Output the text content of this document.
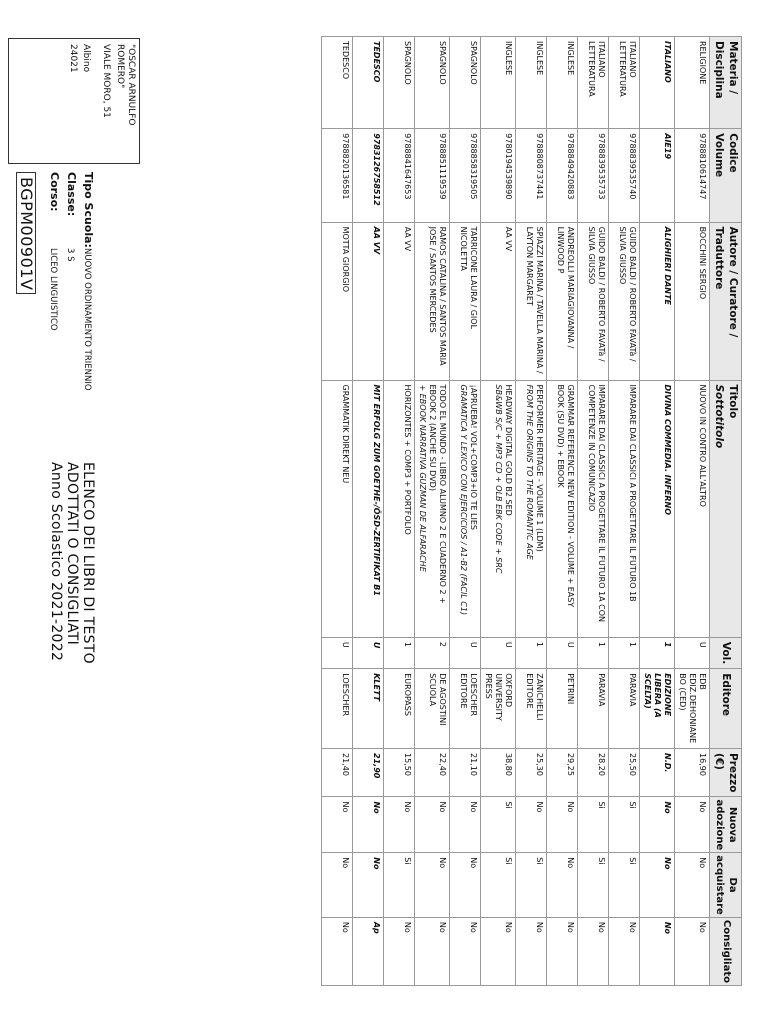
"OSCAR ARNULFO ROMERO"
VIALE MORO, 51
Albino
24021
BGPM00901V	Tipo Scuola:NUOVO ORDINAMENTO TRIENNIO
Classe:3 S
Corso:LICEO LINGUISTICO
ELENCO DEI LIBRI DI TESTO
ADOTTATI O CONSIGLIATI
Anno Scolastico 2021-2022
Materia / Disciplina	Codice Volume	Autore / Curatore / Traduttore	Titolo
Sottotitolo	Vol.	Editore	Prezzo (€)	Nuova adozione	Da acquistare	Consigliato
RELIGIONE	9788810614747	BOCCHINI SERGIO	NUOVO IN CONTRO ALL'ALTRO	U	EDB EDIZ.DEHONIANE BO (CED)	16,90	No	No	No
ITALIANO	AIE19	ALIGHIERI DANTE	DIVINA COMMEDIA. INFERNO	1	EDIZIONE LIBERA (A SCELTA)	N.D.	No	No	No
ITALIANO LETTERATURA	9788839535740	GUIDO BALDI / ROBERTO FAVATà / SILVIA GIUSSO	IMPARARE DAI CLASSICI A PROGETTARE IL FUTURO 1B	1	PARAVIA	25,50	Si	Si	No
ITALIANO LETTERATURA	9788839535733	GUIDO BALDI / ROBERTO FAVATà / SILVIA GIUSSO	IMPARARE DAI CLASSICI A PROGETTARE IL FUTURO 1A CON COMPETENZE IN COMUNICAZIO	1	PARAVIA	28,20	Si	Si	No
INGLESE	9788849420883	ANDREOLLI MARIAGIOVANNA / LINWOOD P	GRAMMAR REFERENCE NEW EDITION - VOLUME + EASY BOOK (SU DVD) + EBOOK	U	PETRINI	29,25	No	No	No
INGLESE	9788808737441	SPIAZZI MARINA / TAVELLA MARINA / LAYTON MARGARET	PERFORMER HERITAGE - VOLUME 1 (LDM)
FROM THE ORIGINS TO THE ROMANTIC AGE	1	ZANICHELLI EDITORE	25,30	No	Si	No
INGLESE	9780194539890	AA VV	HEADWAY DIGITAL GOLD B2 SED
SB&WB S/C + MP3 CD + OLB EBK CODE + SRC	U	OXFORD UNIVERSITY PRESS	38,80	Si	Si	No
SPAGNOLO	9788858319505	TARRICONE LAURA / GIOL NICOLETTA	¡APRUEBA! VOL+COMP3+IO TE LIES
GRAMATICA Y LEXICO CON EJERCICIOS / A1-B2 (FACIL C1)	U	LOESCHER EDITORE	21,10	No	No	No
SPAGNOLO	9788851119539	RAMOS CATALINA / SANTOS MARIA JOSE / SANTOS MERCEDES	TODO EL MUNDO - LIBRO ALUMNO 2 E CUADERNO 2 + EBOOK 2 (ANCHE SU DVD)
+ EBOOK NARRATIVA GUZMAN DE ALFARACHE	2	DE AGOSTINI SCUOLA	22,40	No	No	No
SPAGNOLO	9788841647653	AA VV	HORIZONTES + COMP3 + PORTFOLIO	1	EUROPASS	15,50	No	Si	No
TEDESCO	9783126758512	AA VV	MIT ERFOLG ZUM GOETHE-/ÖSD-ZERTIFIKAT B1	U	KLETT	21,90	No	No	Ap
TEDESCO	9788820136581	MOTTA GIORGIO	GRAMMATIK DIREKT NEU	U	LOESCHER	21,40	No	No	No
